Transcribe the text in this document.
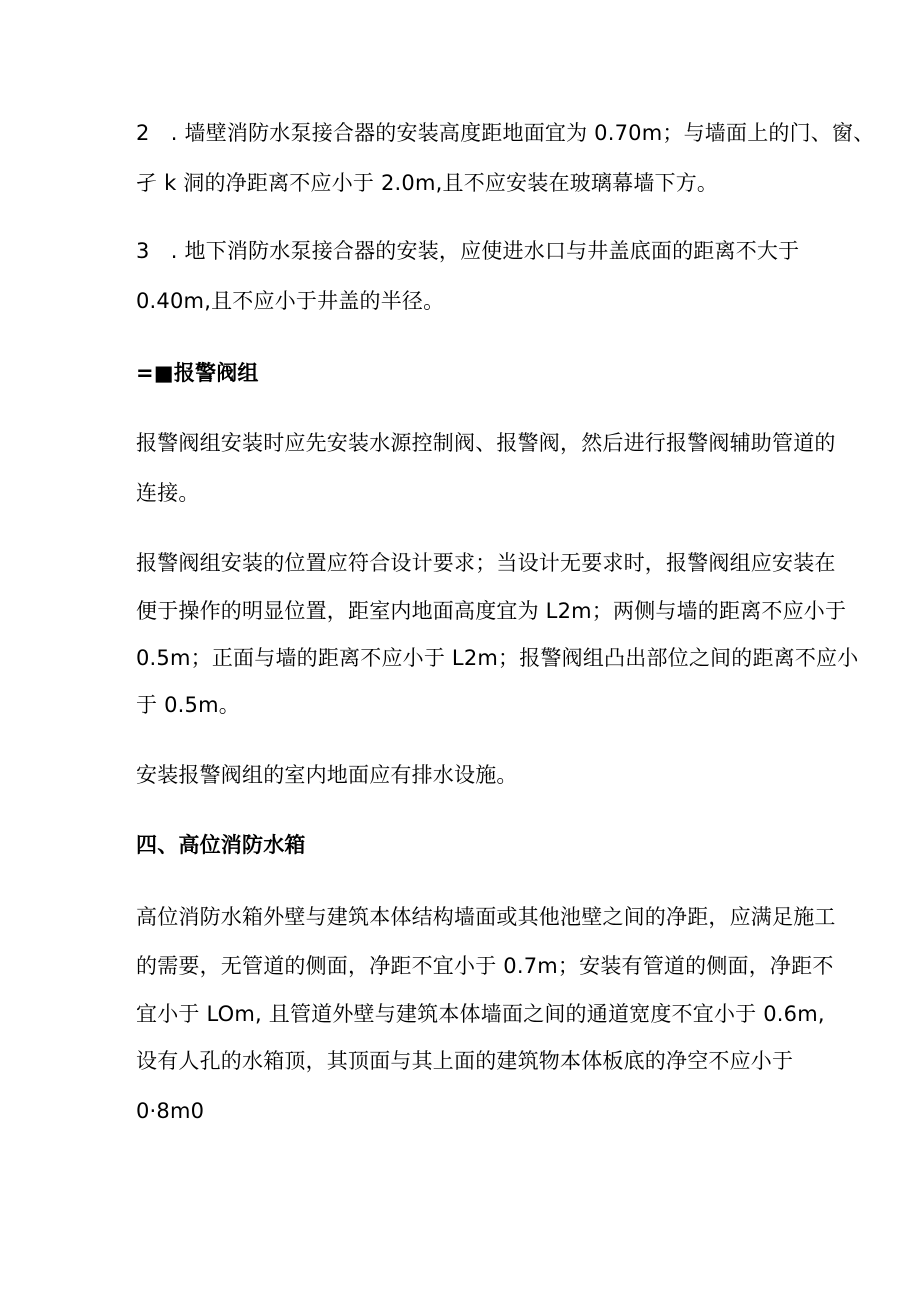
2 . 墙壁消防水泵接合器的安装高度距地面宜为 0.70m；与墙面上的门、窗、
孑 k 洞的净距离不应小于 2.0m,且不应安装在玻璃幕墙下方。
3 . 地下消防水泵接合器的安装，应使进水口与井盖底面的距离不大于
0.40m,且不应小于井盖的半径。
=■报警阀组
报警阀组安装时应先安装水源控制阀、报警阀，然后进行报警阀辅助管道的
连接。
报警阀组安装的位置应符合设计要求；当设计无要求时，报警阀组应安装在
便于操作的明显位置，距室内地面高度宜为 L2m；两侧与墙的距离不应小于
0.5m；正面与墙的距离不应小于 L2m；报警阀组凸出部位之间的距离不应小
于 0.5m。
安装报警阀组的室内地面应有排水设施。
四、高位消防水箱
高位消防水箱外壁与建筑本体结构墙面或其他池壁之间的净距，应满足施工
的需要，无管道的侧面，净距不宜小于 0.7m；安装有管道的侧面，净距不
宜小于 LOm, 且管道外壁与建筑本体墙面之间的通道宽度不宜小于 0.6m,
设有人孔的水箱顶，其顶面与其上面的建筑物本体板底的净空不应小于
0·8m0
